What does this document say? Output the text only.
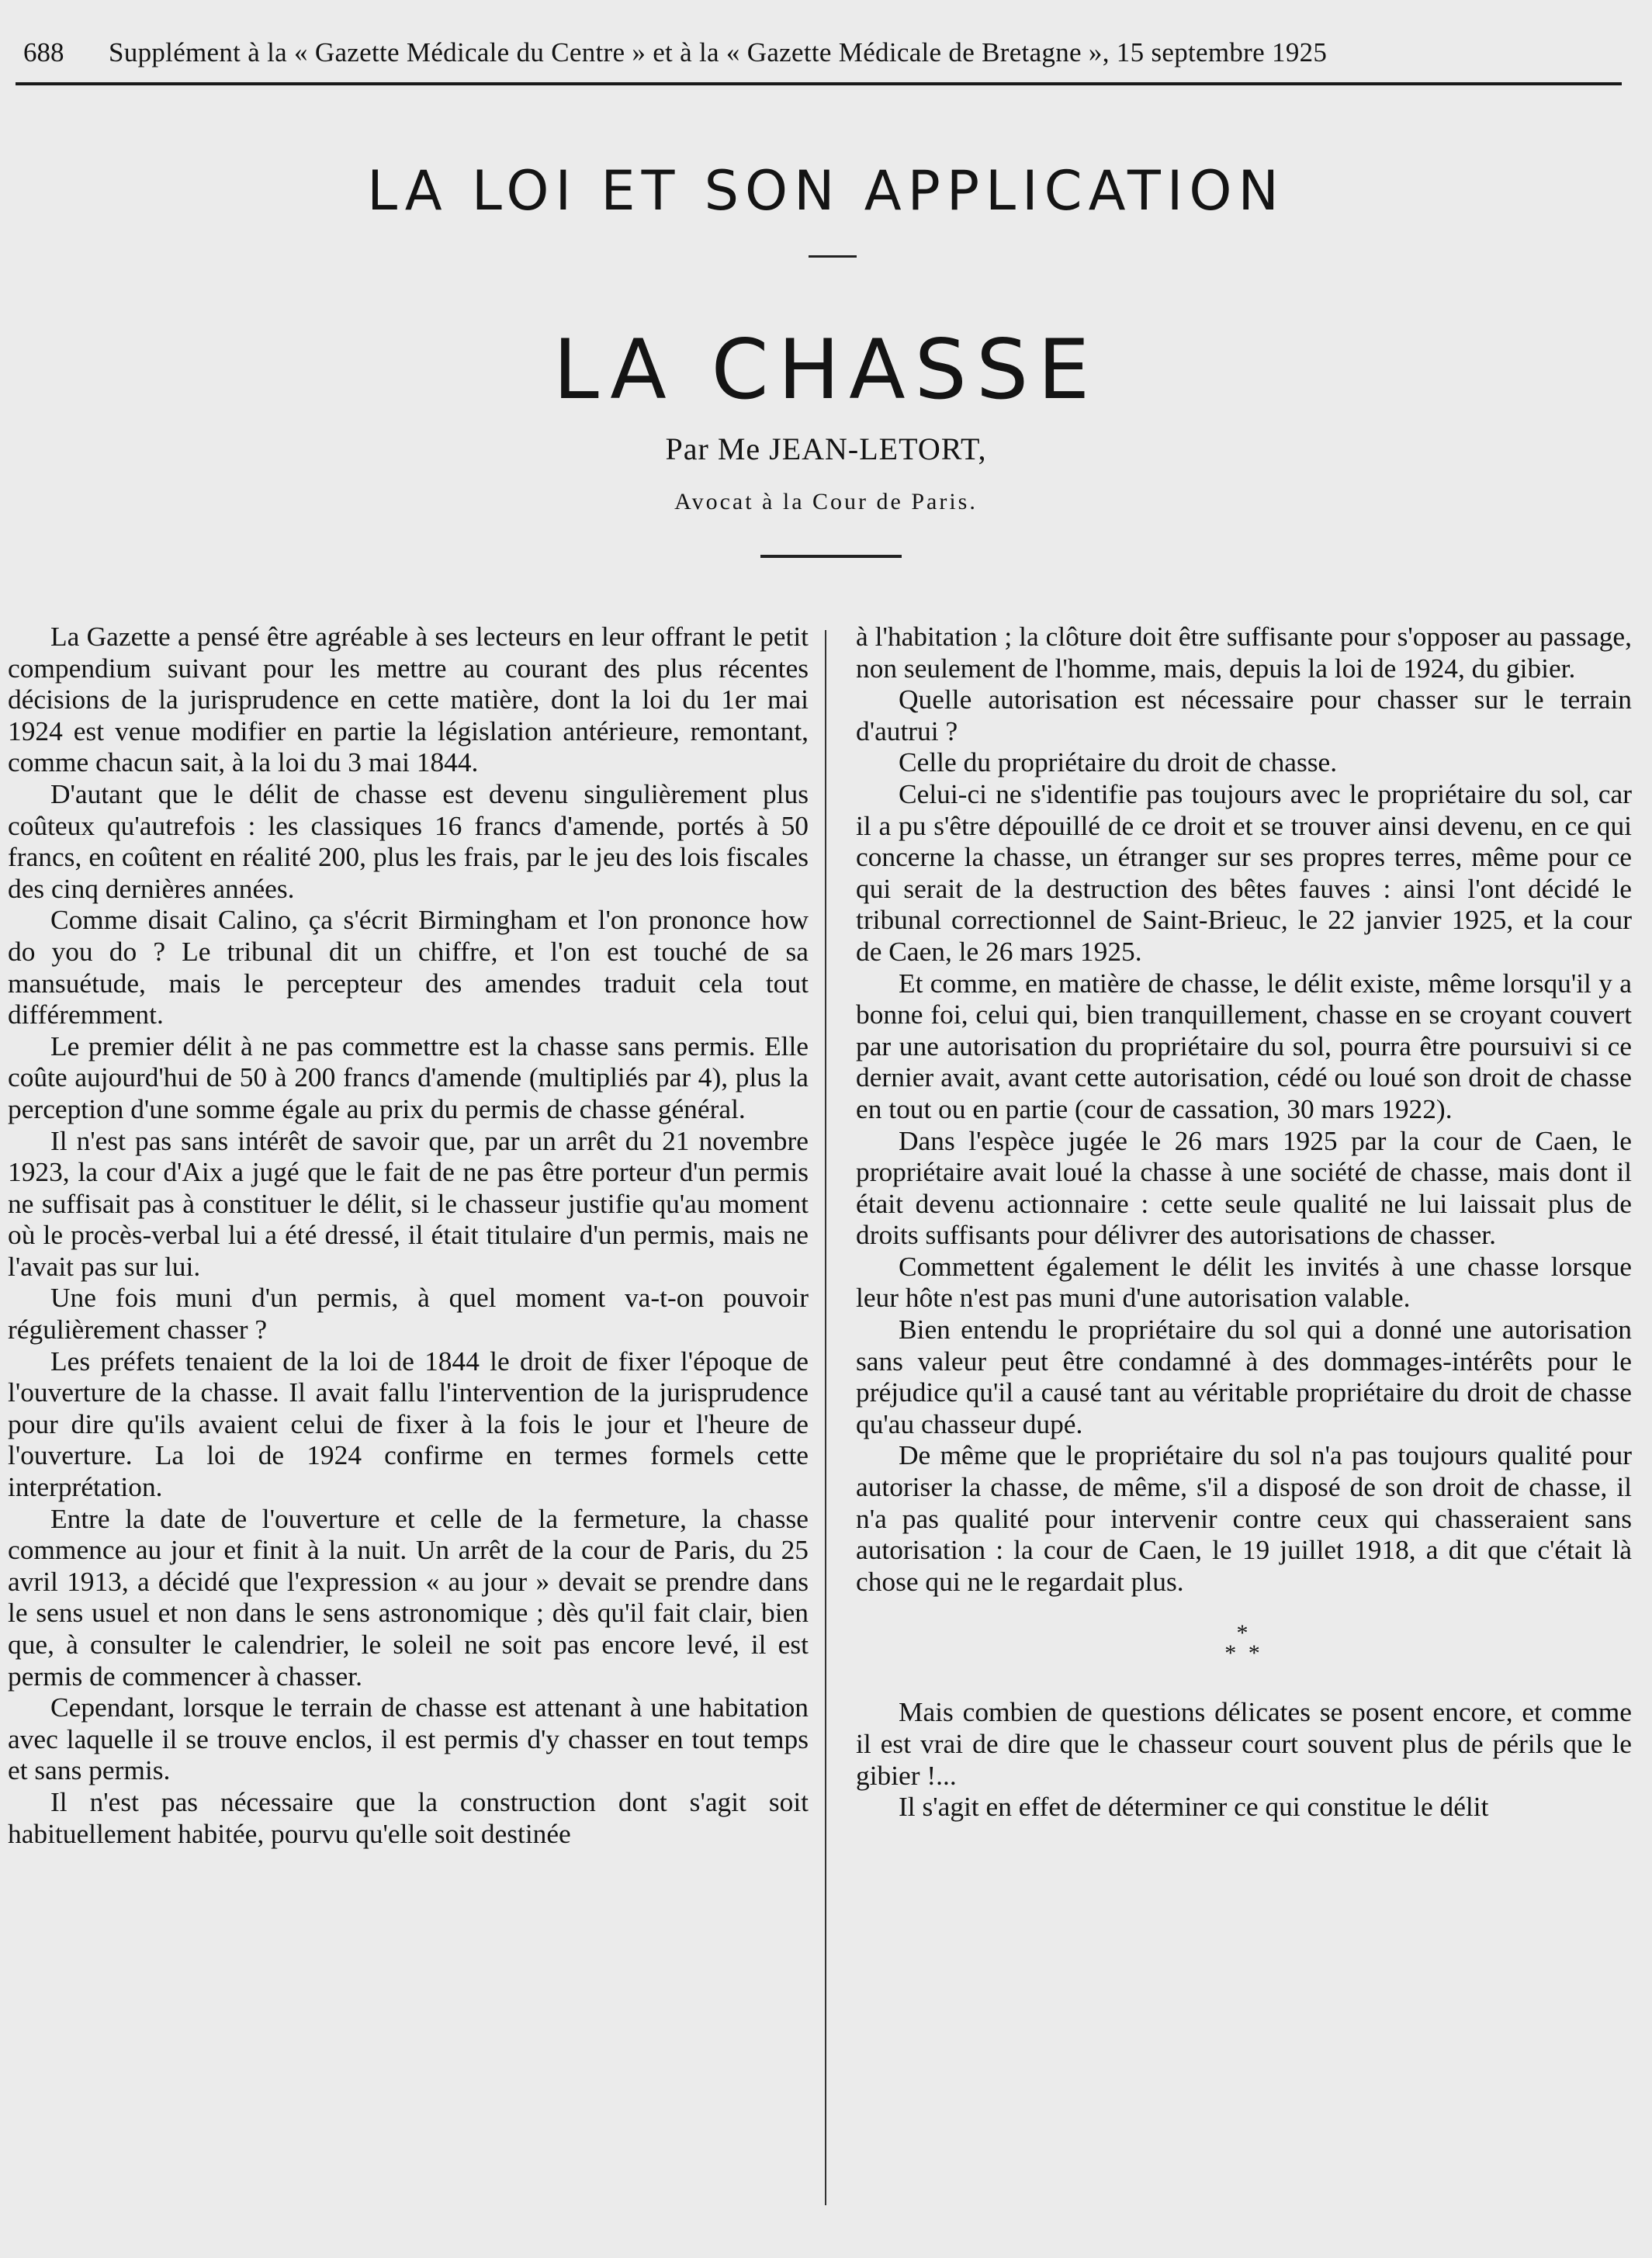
688	Supplément à la « Gazette Médicale du Centre » et à la « Gazette Médicale de Bretagne », 15 septembre 1925
LA LOI ET SON APPLICATION
LA CHASSE
Par Me JEAN-LETORT,
Avocat à la Cour de Paris.

La Gazette a pensé être agréable à ses lecteurs en leur offrant le petit compendium suivant pour les mettre au courant des plus récentes décisions de la jurisprudence en cette matière, dont la loi du 1er mai 1924 est venue modifier en partie la législation antérieure, remontant, comme chacun sait, à la loi du 3 mai 1844.

D'autant que le délit de chasse est devenu singulièrement plus coûteux qu'autrefois : les classiques 16 francs d'amende, portés à 50 francs, en coûtent en réalité 200, plus les frais, par le jeu des lois fiscales des cinq dernières années.

Comme disait Calino, ça s'écrit Birmingham et l'on prononce how do you do ? Le tribunal dit un chiffre, et l'on est touché de sa mansuétude, mais le percepteur des amendes traduit cela tout différemment.

Le premier délit à ne pas commettre est la chasse sans permis. Elle coûte aujourd'hui de 50 à 200 francs d'amende (multipliés par 4), plus la perception d'une somme égale au prix du permis de chasse général.

Il n'est pas sans intérêt de savoir que, par un arrêt du 21 novembre 1923, la cour d'Aix a jugé que le fait de ne pas être porteur d'un permis ne suffisait pas à constituer le délit, si le chasseur justifie qu'au moment où le procès-verbal lui a été dressé, il était titulaire d'un permis, mais ne l'avait pas sur lui.

Une fois muni d'un permis, à quel moment va-t-on pouvoir régulièrement chasser ?

Les préfets tenaient de la loi de 1844 le droit de fixer l'époque de l'ouverture de la chasse. Il avait fallu l'intervention de la jurisprudence pour dire qu'ils avaient celui de fixer à la fois le jour et l'heure de l'ouverture. La loi de 1924 confirme en termes formels cette interprétation.

Entre la date de l'ouverture et celle de la fermeture, la chasse commence au jour et finit à la nuit. Un arrêt de la cour de Paris, du 25 avril 1913, a décidé que l'expression « au jour » devait se prendre dans le sens usuel et non dans le sens astronomique ; dès qu'il fait clair, bien que, à consulter le calendrier, le soleil ne soit pas encore levé, il est permis de commencer à chasser.

Cependant, lorsque le terrain de chasse est attenant à une habitation avec laquelle il se trouve enclos, il est permis d'y chasser en tout temps et sans permis.

Il n'est pas nécessaire que la construction dont s'agit soit habituellement habitée, pourvu qu'elle soit destinée

à l'habitation ; la clôture doit être suffisante pour s'opposer au passage, non seulement de l'homme, mais, depuis la loi de 1924, du gibier.

Quelle autorisation est nécessaire pour chasser sur le terrain d'autrui ?

Celle du propriétaire du droit de chasse.

Celui-ci ne s'identifie pas toujours avec le propriétaire du sol, car il a pu s'être dépouillé de ce droit et se trouver ainsi devenu, en ce qui concerne la chasse, un étranger sur ses propres terres, même pour ce qui serait de la destruction des bêtes fauves : ainsi l'ont décidé le tribunal correctionnel de Saint-Brieuc, le 22 janvier 1925, et la cour de Caen, le 26 mars 1925.

Et comme, en matière de chasse, le délit existe, même lorsqu'il y a bonne foi, celui qui, bien tranquillement, chasse en se croyant couvert par une autorisation du propriétaire du sol, pourra être poursuivi si ce dernier avait, avant cette autorisation, cédé ou loué son droit de chasse en tout ou en partie (cour de cassation, 30 mars 1922).

Dans l'espèce jugée le 26 mars 1925 par la cour de Caen, le propriétaire avait loué la chasse à une société de chasse, mais dont il était devenu actionnaire : cette seule qualité ne lui laissait plus de droits suffisants pour délivrer des autorisations de chasser.

Commettent également le délit les invités à une chasse lorsque leur hôte n'est pas muni d'une autorisation valable.

Bien entendu le propriétaire du sol qui a donné une autorisation sans valeur peut être condamné à des dommages-intérêts pour le préjudice qu'il a causé tant au véritable propriétaire du droit de chasse qu'au chasseur dupé.

De même que le propriétaire du sol n'a pas toujours qualité pour autoriser la chasse, de même, s'il a disposé de son droit de chasse, il n'a pas qualité pour intervenir contre ceux qui chasseraient sans autorisation : la cour de Caen, le 19 juillet 1918, a dit que c'était là chose qui ne le regardait plus.

*
* *

Mais combien de questions délicates se posent encore, et comme il est vrai de dire que le chasseur court souvent plus de périls que le gibier !...

Il s'agit en effet de déterminer ce qui constitue le délit
